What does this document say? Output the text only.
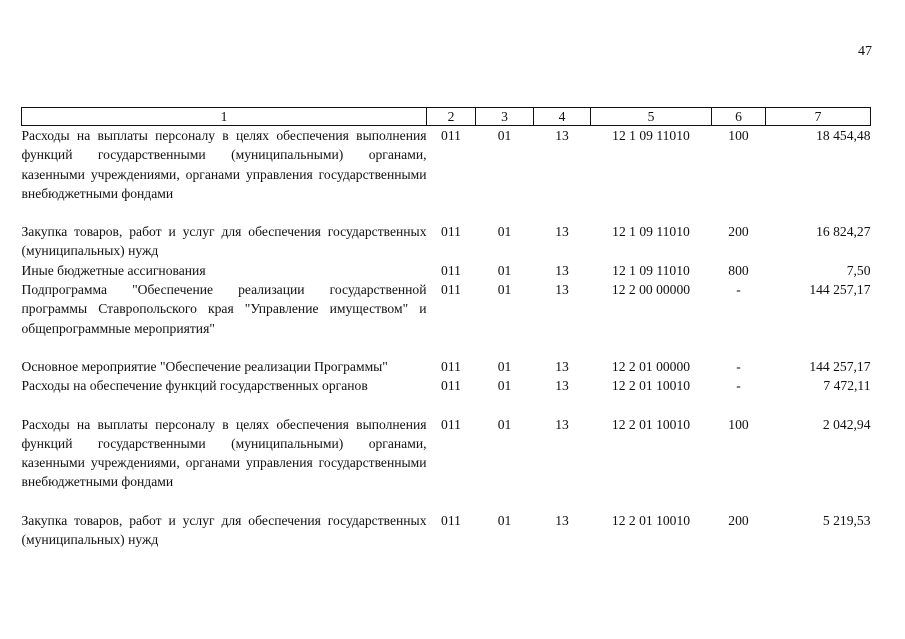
47
1	2	3	4	5	6	7
Расходы на выплаты персоналу в целях обеспечения выполнения функций государственными (муниципальными) органами, казенными учреждениями, органами управления государственными внебюджетными фондами	011	01	13	12 1 09 11010	100	18 454,48

Закупка товаров, работ и услуг для обеспечения государственных (муниципальных) нужд	011	01	13	12 1 09 11010	200	16 824,27
Иные бюджетные ассигнования	011	01	13	12 1 09 11010	800	7,50
Подпрограмма "Обеспечение реализации государственной программы Ставропольского края "Управление имуществом" и общепрограммные мероприятия"	011	01	13	12 2 00 00000	-	144 257,17

Основное мероприятие "Обеспечение реализации Программы"	011	01	13	12 2 01 00000	-	144 257,17
Расходы на обеспечение функций государственных органов	011	01	13	12 2 01 10010	-	7 472,11

Расходы на выплаты персоналу в целях обеспечения выполнения функций государственными (муниципальными) органами, казенными учреждениями, органами управления государственными внебюджетными фондами	011	01	13	12 2 01 10010	100	2 042,94

Закупка товаров, работ и услуг для обеспечения государственных (муниципальных) нужд	011	01	13	12 2 01 10010	200	5 219,53
